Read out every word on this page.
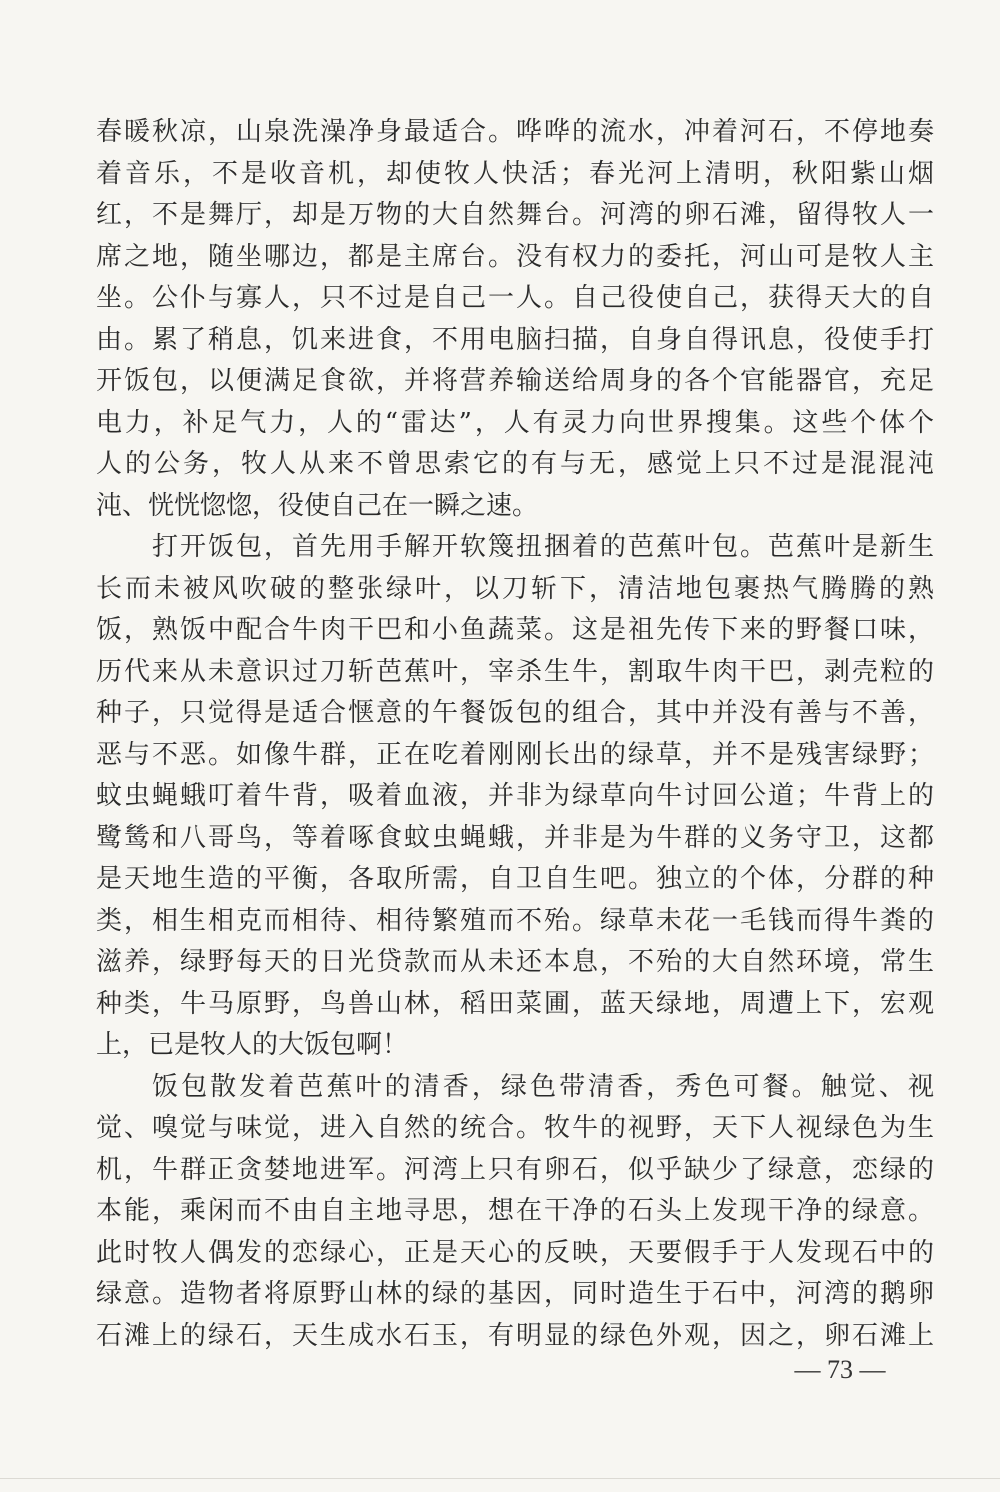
春暖秋凉，山泉洗澡净身最适合。哗哗的流水，冲着河石，不停地奏
着音乐，不是收音机，却使牧人快活；春光河上清明，秋阳紫山烟
红，不是舞厅，却是万物的大自然舞台。河湾的卵石滩，留得牧人一
席之地，随坐哪边，都是主席台。没有权力的委托，河山可是牧人主
坐。公仆与寡人，只不过是自己一人。自己役使自己，获得天大的自
由。累了稍息，饥来进食，不用电脑扫描，自身自得讯息，役使手打
开饭包，以便满足食欲，并将营养输送给周身的各个官能器官，充足
电力，补足气力，人的“雷达”，人有灵力向世界搜集。这些个体个
人的公务，牧人从来不曾思索它的有与无，感觉上只不过是混混沌
沌、恍恍惚惚，役使自己在一瞬之速。
打开饭包，首先用手解开软篾扭捆着的芭蕉叶包。芭蕉叶是新生
长而未被风吹破的整张绿叶，以刀斩下，清洁地包裹热气腾腾的熟
饭，熟饭中配合牛肉干巴和小鱼蔬菜。这是祖先传下来的野餐口味，
历代来从未意识过刀斩芭蕉叶，宰杀生牛，割取牛肉干巴，剥壳粒的
种子，只觉得是适合惬意的午餐饭包的组合，其中并没有善与不善，
恶与不恶。如像牛群，正在吃着刚刚长出的绿草，并不是残害绿野；
蚊虫蝇蛾叮着牛背，吸着血液，并非为绿草向牛讨回公道；牛背上的
鹭鸶和八哥鸟，等着啄食蚊虫蝇蛾，并非是为牛群的义务守卫，这都
是天地生造的平衡，各取所需，自卫自生吧。独立的个体，分群的种
类，相生相克而相待、相待繁殖而不殆。绿草未花一毛钱而得牛粪的
滋养，绿野每天的日光贷款而从未还本息，不殆的大自然环境，常生
种类，牛马原野，鸟兽山林，稻田菜圃，蓝天绿地，周遭上下，宏观
上，已是牧人的大饭包啊！
饭包散发着芭蕉叶的清香，绿色带清香，秀色可餐。触觉、视
觉、嗅觉与味觉，进入自然的统合。牧牛的视野，天下人视绿色为生
机，牛群正贪婪地进军。河湾上只有卵石，似乎缺少了绿意，恋绿的
本能，乘闲而不由自主地寻思，想在干净的石头上发现干净的绿意。
此时牧人偶发的恋绿心，正是天心的反映，天要假手于人发现石中的
绿意。造物者将原野山林的绿的基因，同时造生于石中，河湾的鹅卵
石滩上的绿石，天生成水石玉，有明显的绿色外观，因之，卵石滩上
— 73 —
